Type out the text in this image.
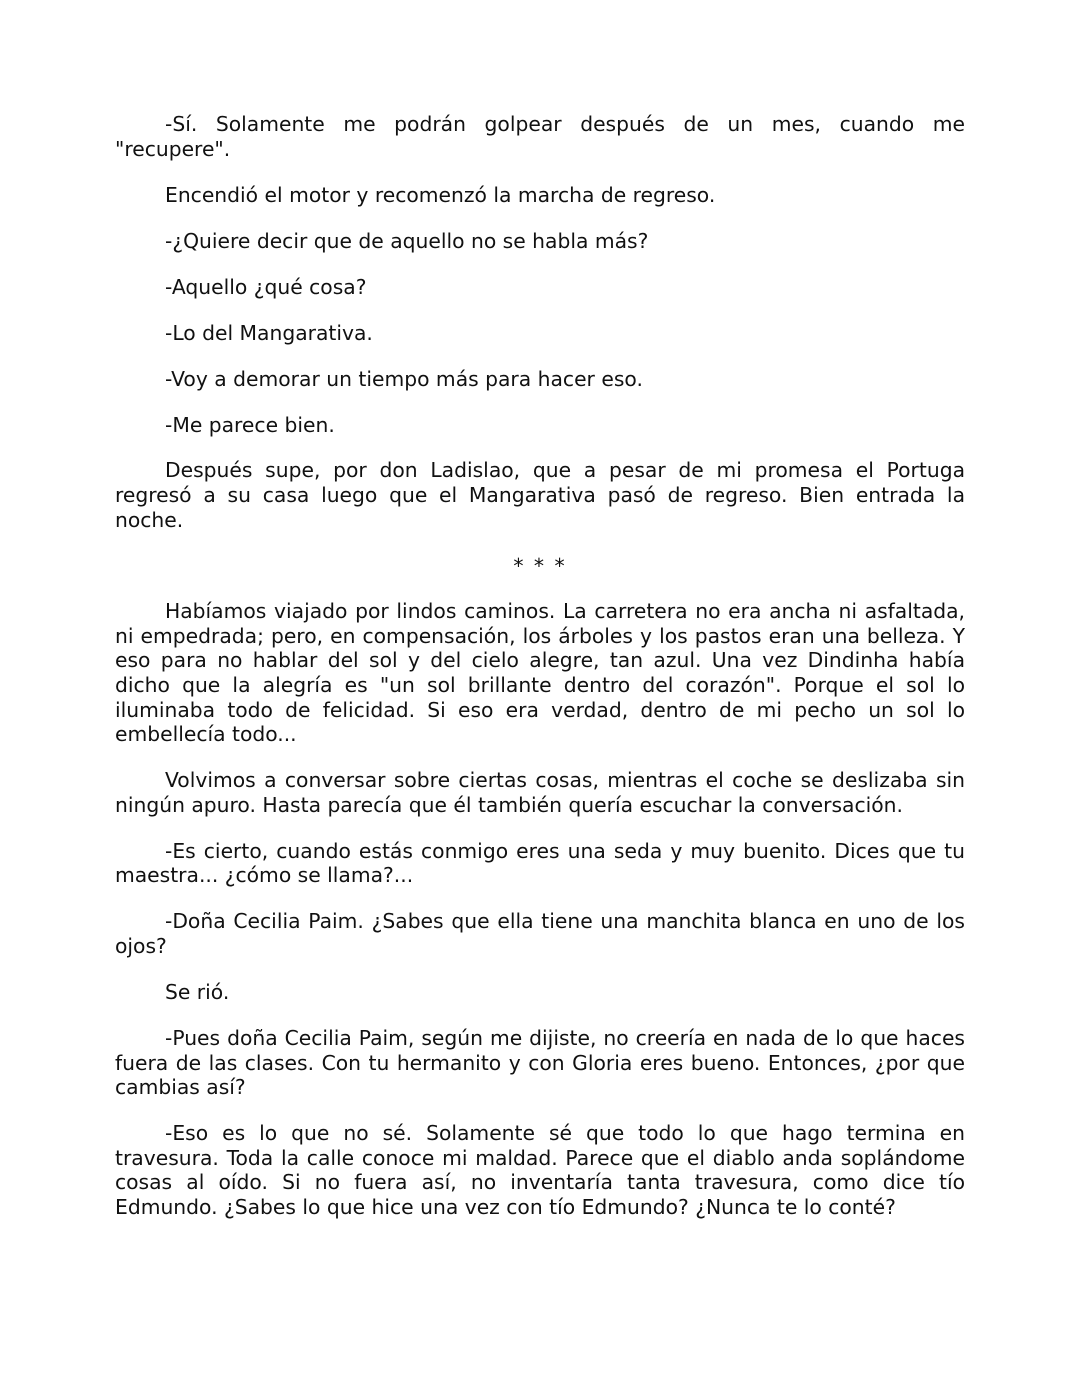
-Sí. Solamente me podrán golpear después de un mes, cuando me "recupere".

Encendió el motor y recomenzó la marcha de regreso.

-¿Quiere decir que de aquello no se habla más?

-Aquello ¿qué cosa?

-Lo del Mangarativa.

-Voy a demorar un tiempo más para hacer eso.

-Me parece bien.

Después supe, por don Ladislao, que a pesar de mi promesa el Portuga regresó a su casa luego que el Mangarativa pasó de regreso. Bien entrada la noche.

* * *

Habíamos viajado por lindos caminos. La carretera no era ancha ni asfaltada, ni empedrada; pero, en compensación, los árboles y los pastos eran una belleza. Y eso para no hablar del sol y del cielo alegre, tan azul. Una vez Dindinha había dicho que la alegría es "un sol brillante dentro del corazón". Porque el sol lo iluminaba todo de felicidad. Si eso era verdad, dentro de mi pecho un sol lo embellecía todo...

Volvimos a conversar sobre ciertas cosas, mientras el coche se deslizaba sin ningún apuro. Hasta parecía que él también quería escuchar la conversación.

-Es cierto, cuando estás conmigo eres una seda y muy buenito. Dices que tu maestra... ¿cómo se llama?...

-Doña Cecilia Paim. ¿Sabes que ella tiene una manchita blanca en uno de los ojos?

Se rió.

-Pues doña Cecilia Paim, según me dijiste, no creería en nada de lo que haces fuera de las clases. Con tu hermanito y con Gloria eres bueno. Entonces, ¿por que cambias así?

-Eso es lo que no sé. Solamente sé que todo lo que hago termina en travesura. Toda la calle conoce mi maldad. Parece que el diablo anda soplándome cosas al oído. Si no fuera así, no inventaría tanta travesura, como dice tío Edmundo. ¿Sabes lo que hice una vez con tío Edmundo? ¿Nunca te lo conté?
